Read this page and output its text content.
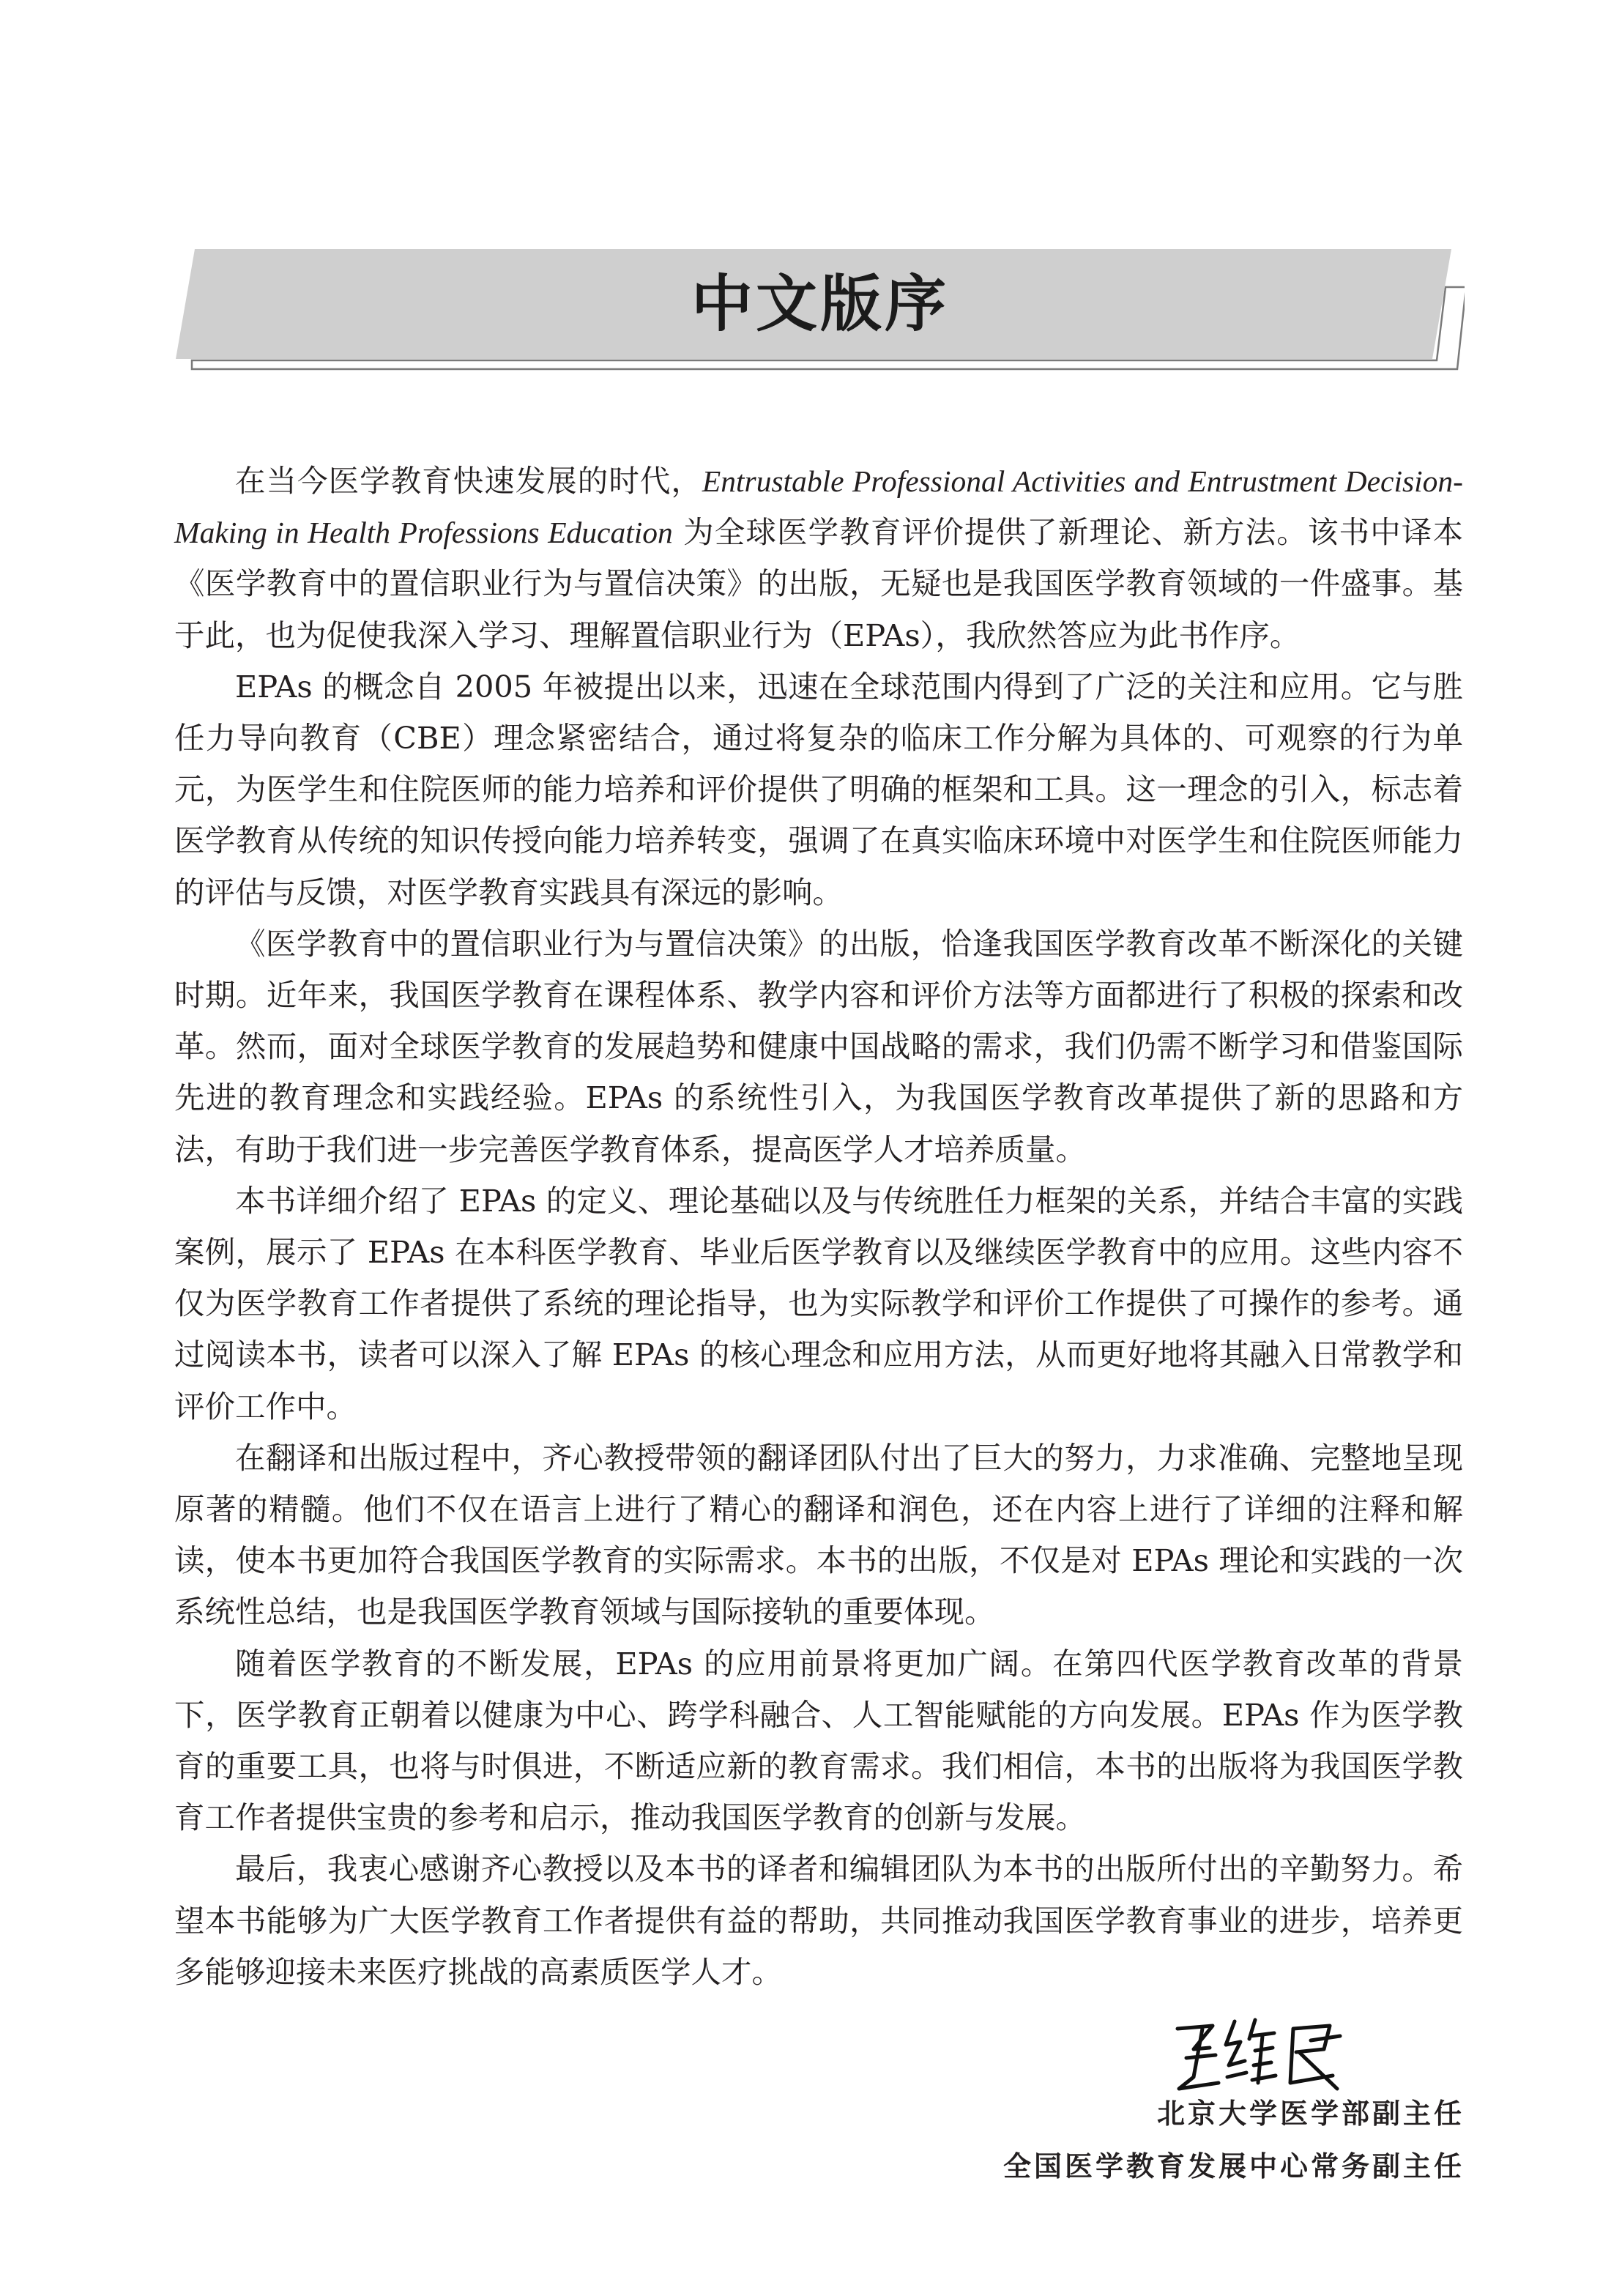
中文版序

在当今医学教育快速发展的时代，Entrustable Professional Activities and Entrustment Decision-Making in Health Professions Education 为全球医学教育评价提供了新理论、新方法。该书中译本《医学教育中的置信职业行为与置信决策》的出版，无疑也是我国医学教育领域的一件盛事。基于此，也为促使我深入学习、理解置信职业行为（EPAs），我欣然答应为此书作序。

EPAs 的概念自 2005 年被提出以来，迅速在全球范围内得到了广泛的关注和应用。它与胜任力导向教育（CBE）理念紧密结合，通过将复杂的临床工作分解为具体的、可观察的行为单元，为医学生和住院医师的能力培养和评价提供了明确的框架和工具。这一理念的引入，标志着医学教育从传统的知识传授向能力培养转变，强调了在真实临床环境中对医学生和住院医师能力的评估与反馈，对医学教育实践具有深远的影响。

《医学教育中的置信职业行为与置信决策》的出版，恰逢我国医学教育改革不断深化的关键时期。近年来，我国医学教育在课程体系、教学内容和评价方法等方面都进行了积极的探索和改革。然而，面对全球医学教育的发展趋势和健康中国战略的需求，我们仍需不断学习和借鉴国际先进的教育理念和实践经验。EPAs 的系统性引入，为我国医学教育改革提供了新的思路和方法，有助于我们进一步完善医学教育体系，提高医学人才培养质量。

本书详细介绍了 EPAs 的定义、理论基础以及与传统胜任力框架的关系，并结合丰富的实践案例，展示了 EPAs 在本科医学教育、毕业后医学教育以及继续医学教育中的应用。这些内容不仅为医学教育工作者提供了系统的理论指导，也为实际教学和评价工作提供了可操作的参考。通过阅读本书，读者可以深入了解 EPAs 的核心理念和应用方法，从而更好地将其融入日常教学和评价工作中。

在翻译和出版过程中，齐心教授带领的翻译团队付出了巨大的努力，力求准确、完整地呈现原著的精髓。他们不仅在语言上进行了精心的翻译和润色，还在内容上进行了详细的注释和解读，使本书更加符合我国医学教育的实际需求。本书的出版，不仅是对 EPAs 理论和实践的一次系统性总结，也是我国医学教育领域与国际接轨的重要体现。

随着医学教育的不断发展，EPAs 的应用前景将更加广阔。在第四代医学教育改革的背景下，医学教育正朝着以健康为中心、跨学科融合、人工智能赋能的方向发展。EPAs 作为医学教育的重要工具，也将与时俱进，不断适应新的教育需求。我们相信，本书的出版将为我国医学教育工作者提供宝贵的参考和启示，推动我国医学教育的创新与发展。

最后，我衷心感谢齐心教授以及本书的译者和编辑团队为本书的出版所付出的辛勤努力。希望本书能够为广大医学教育工作者提供有益的帮助，共同推动我国医学教育事业的进步，培养更多能够迎接未来医疗挑战的高素质医学人才。

北京大学医学部副主任
全国医学教育发展中心常务副主任
